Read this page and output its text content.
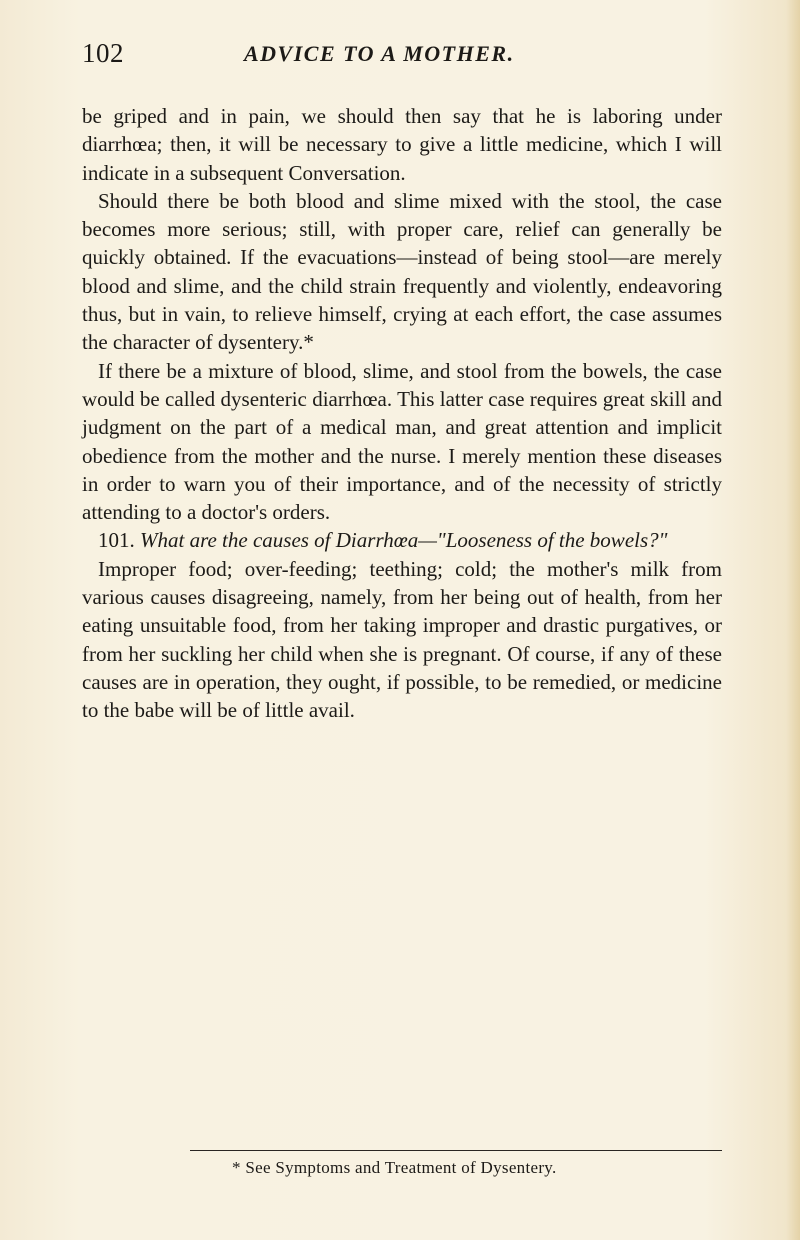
102	ADVICE TO A MOTHER.

be griped and in pain, we should then say that he is laboring under diarrhœa; then, it will be necessary to give a little medicine, which I will indicate in a subsequent Conversation.

Should there be both blood and slime mixed with the stool, the case becomes more serious; still, with proper care, relief can generally be quickly obtained. If the evacuations—instead of being stool—are merely blood and slime, and the child strain frequently and violently, endeavoring thus, but in vain, to relieve himself, crying at each effort, the case assumes the character of dysentery.*

If there be a mixture of blood, slime, and stool from the bowels, the case would be called dysenteric diarrhœa. This latter case requires great skill and judgment on the part of a medical man, and great attention and implicit obedience from the mother and the nurse. I merely mention these diseases in order to warn you of their importance, and of the necessity of strictly attending to a doctor's orders.

101. What are the causes of Diarrhœa—"Looseness of the bowels?"

Improper food; over-feeding; teething; cold; the mother's milk from various causes disagreeing, namely, from her being out of health, from her eating unsuitable food, from her taking improper and drastic purgatives, or from her suckling her child when she is pregnant. Of course, if any of these causes are in operation, they ought, if possible, to be remedied, or medicine to the babe will be of little avail.

* See Symptoms and Treatment of Dysentery.
